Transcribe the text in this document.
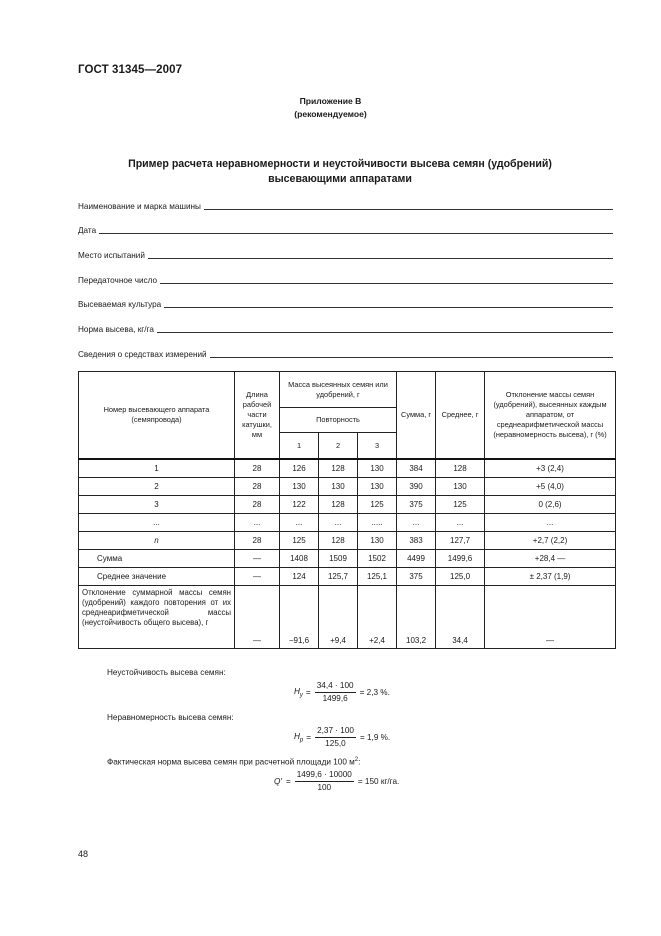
ГОСТ 31345—2007
Приложение В
(рекомендуемое)
Пример расчета неравномерности и неустойчивости высева семян (удобрений)
высевающими аппаратами
Наименование и марка машины
Дата
Место испытаний
Передаточное число
Высеваемая культура
Норма высева, кг/га
Сведения о средствах измерений
Номер высевающего аппарата (семяпровода)	Длина рабочей части катушки, мм	Масса высеянных семян или удобрений, г			Сумма, г	Среднее, г	Отклонение массы семян (удобрений), высеянных каждым аппаратом, от среднеарифметической массы (неравномерность высева), г (%)
		Повторность					
		1	2	3			
1	28	126	128	130	384	128	+3 (2,4)
2	28	130	130	130	390	130	+5 (4,0)
3	28	122	128	125	375	125	0 (2,6)
...	...	...	...	.....	...	...	...
n	28	125	128	130	383	127,7	+2,7 (2,2)
Сумма	—	1408	1509	1502	4499	1499,6	+28,4 —
Среднее значение	—	124	125,7	125,1	375	125,0	± 2,37 (1,9)
Отклонение суммарной массы семян (удобрений) каждого повторения от их среднеарифметической массы (неустойчивость общего высева), г	—	−91,6	+9,4	+2,4	103,2	34,4	—
Неустойчивость высева семян:
$H_у = \frac{34,4 \cdot 100}{1499,6} = 2,3$ %.
Неравномерность высева семян:
$H_р = \frac{2,37 \cdot 100}{125,0} = 1,9$ %.
Фактическая норма высева семян при расчетной площади 100 $м^2$:
$Q' = \frac{1499,6 \cdot 10000}{100} = 150$ кг/га.
48
